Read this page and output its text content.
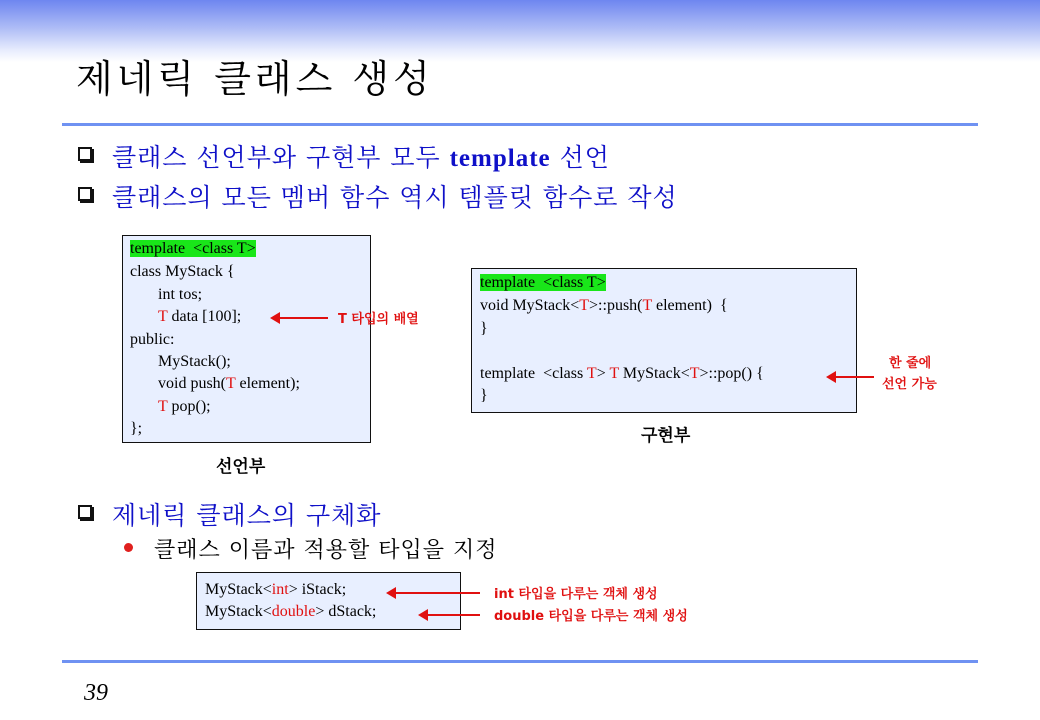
제네릭 클래스 생성
클래스 선언부와 구현부 모두 template 선언
클래스의 모든 멤버 함수 역시 템플릿 함수로 작성
template  <class T>
class MyStack {
int tos;
T data [100];
public:
MyStack();
void push(T element);
T pop();
};
T 타입의 배열
선언부
template  <class T>
void MyStack<T>::push(T element)  {
}
template  <class T> T MyStack<T>::pop() {
}
한 줄에
선언 가능
구현부
제네릭 클래스의 구체화
클래스 이름과 적용할 타입을 지정
MyStack<int> iStack;
MyStack<double> dStack;
int 타입을 다루는 객체 생성
double 타입을 다루는 객체 생성
39
